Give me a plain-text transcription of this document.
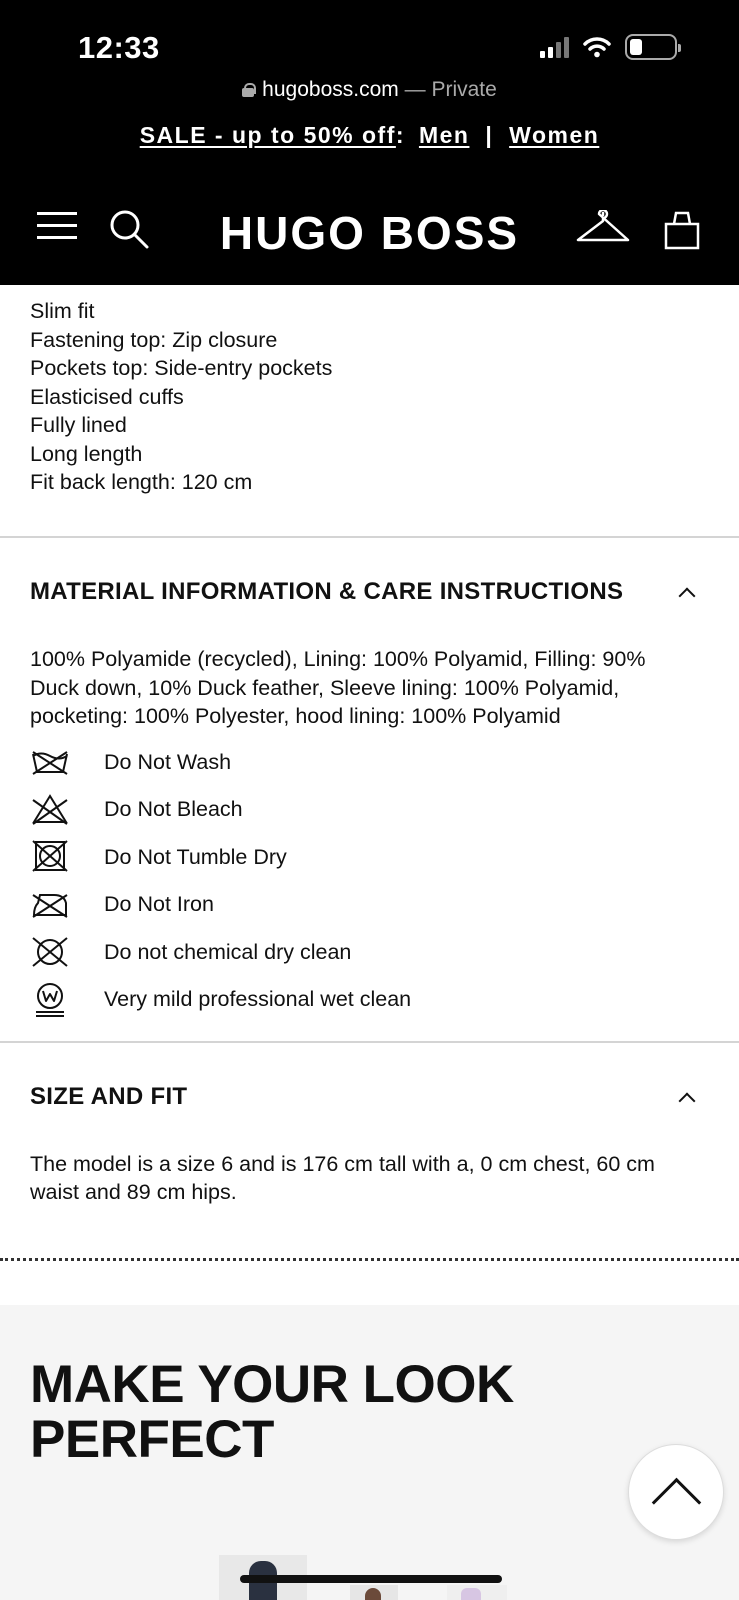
12:33
hugoboss.com — Private
SALE - up to 50% off: Men | Women
HUGO BOSS
Slim fit
Fastening top: Zip closure
Pockets top: Side-entry pockets
Elasticised cuffs
Fully lined
Long length
Fit back length: 120 cm
MATERIAL INFORMATION & CARE INSTRUCTIONS
100% Polyamide (recycled), Lining: 100% Polyamid, Filling: 90% Duck down, 10% Duck feather, Sleeve lining: 100% Polyamid, pocketing: 100% Polyester, hood lining: 100% Polyamid
Do Not Wash
Do Not Bleach
Do Not Tumble Dry
Do Not Iron
Do not chemical dry clean
Very mild professional wet clean
SIZE AND FIT
The model is a size 6 and is 176 cm tall with a, 0 cm chest, 60 cm waist and 89 cm hips.
MAKE YOUR LOOK
PERFECT
